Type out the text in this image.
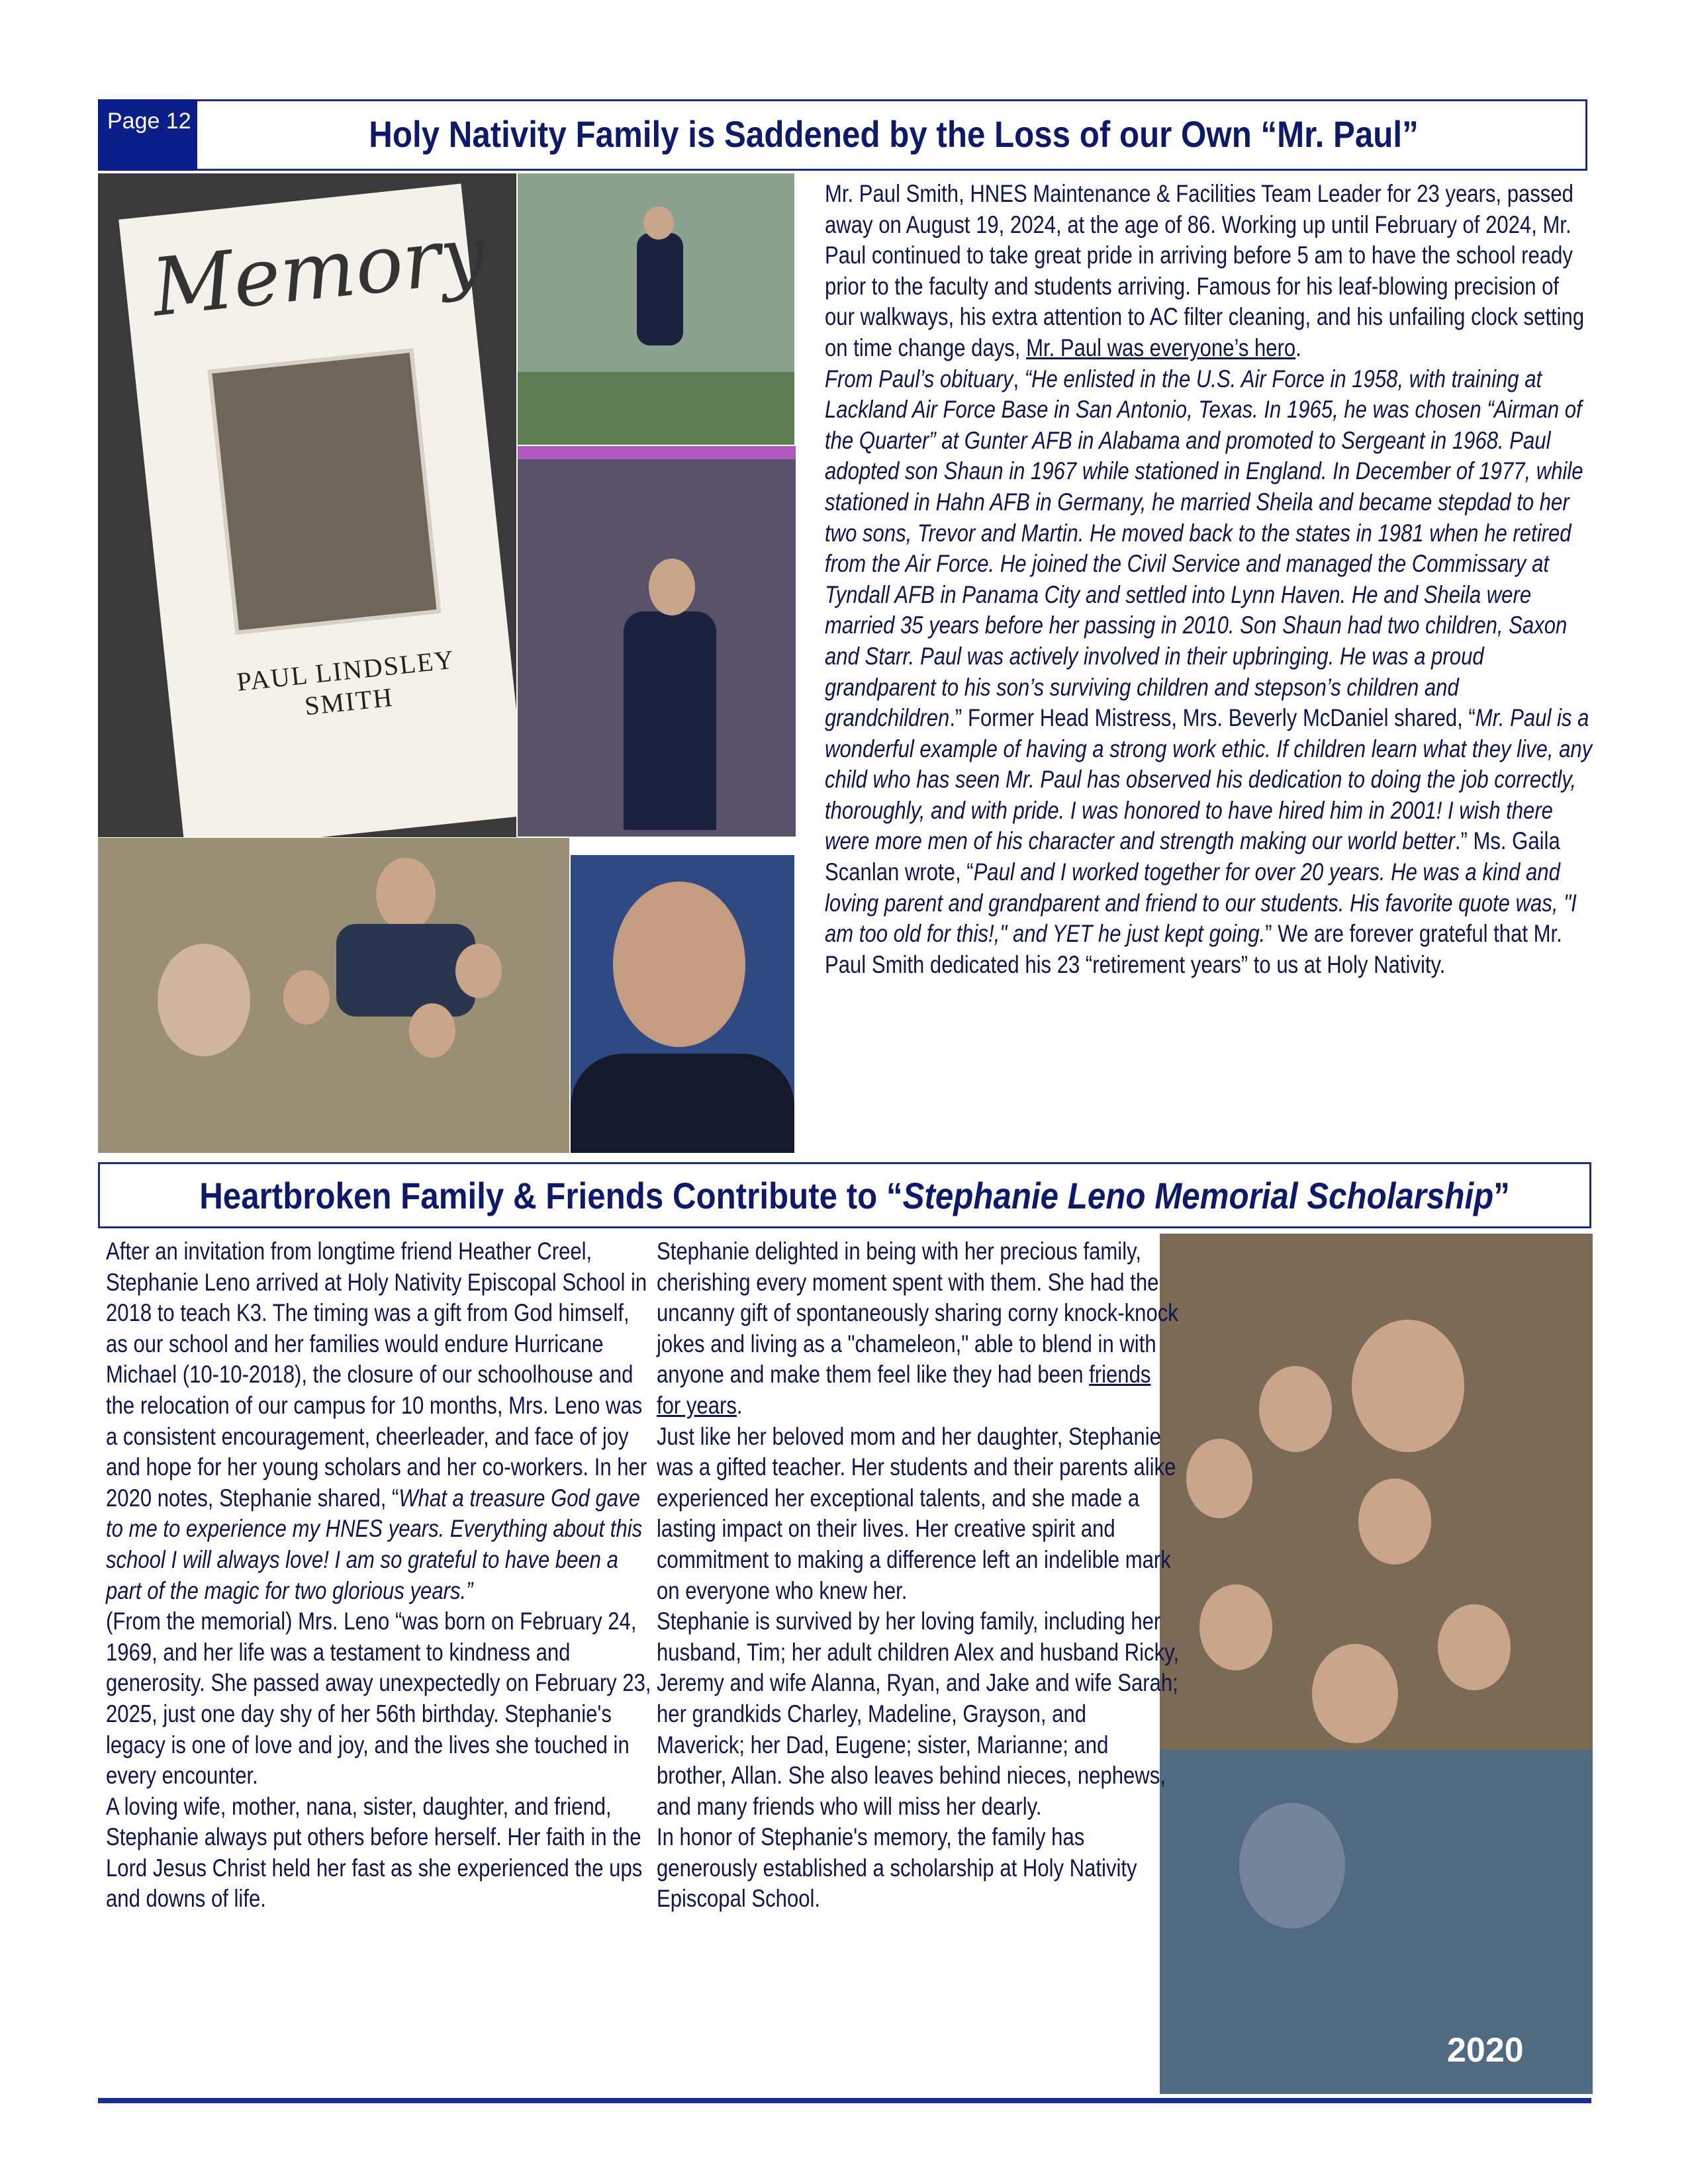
Page 12	Holy Nativity Family is Saddened by the Loss of our Own “Mr. Paul”
Memory
PAUL LINDSLEY SMITH
2020
Mr. Paul Smith, HNES Maintenance & Facilities Team Leader for 23 years, passed away on August 19, 2024, at the age of 86. Working up until February of 2024, Mr. Paul continued to take great pride in arriving before 5 am to have the school ready prior to the faculty and students arriving. Famous for his leaf-blowing precision of our walkways, his extra attention to AC filter cleaning, and his unfailing clock setting on time change days, Mr. Paul was everyone’s hero.
From Paul’s obituary, “He enlisted in the U.S. Air Force in 1958, with training at Lackland Air Force Base in San Antonio, Texas. In 1965, he was chosen “Airman of the Quarter” at Gunter AFB in Alabama and promoted to Sergeant in 1968. Paul adopted son Shaun in 1967 while stationed in England. In December of 1977, while stationed in Hahn AFB in Germany, he married Sheila and became stepdad to her two sons, Trevor and Martin. He moved back to the states in 1981 when he retired from the Air Force. He joined the Civil Service and managed the Commissary at Tyndall AFB in Panama City and settled into Lynn Haven. He and Sheila were married 35 years before her passing in 2010. Son Shaun had two children, Saxon and Starr. Paul was actively involved in their upbringing. He was a proud grandparent to his son’s surviving children and stepson’s children and grandchildren.” Former Head Mistress, Mrs. Beverly McDaniel shared, “Mr. Paul is a wonderful example of having a strong work ethic. If children learn what they live, any child who has seen Mr. Paul has observed his dedication to doing the job correctly, thoroughly, and with pride. I was honored to have hired him in 2001! I wish there were more men of his character and strength making our world better.” Ms. Gaila Scanlan wrote, “Paul and I worked together for over 20 years. He was a kind and loving parent and grandparent and friend to our students. His favorite quote was, "I am too old for this!," and YET he just kept going.” We are forever grateful that Mr. Paul Smith dedicated his 23 “retirement years” to us at Holy Nativity.
Heartbroken Family & Friends Contribute to “Stephanie Leno Memorial Scholarship”
After an invitation from longtime friend Heather Creel, Stephanie Leno arrived at Holy Nativity Episcopal School in 2018 to teach K3. The timing was a gift from God himself, as our school and her families would endure Hurricane Michael (10-10-2018), the closure of our schoolhouse and the relocation of our campus for 10 months, Mrs. Leno was a consistent encouragement, cheerleader, and face of joy and hope for her young scholars and her co-workers. In her 2020 notes, Stephanie shared, “What a treasure God gave to me to experience my HNES years. Everything about this school I will always love! I am so grateful to have been a part of the magic for two glorious years.”
(From the memorial) Mrs. Leno “was born on February 24, 1969, and her life was a testament to kindness and generosity. She passed away unexpectedly on February 23, 2025, just one day shy of her 56th birthday. Stephanie's legacy is one of love and joy, and the lives she touched in every encounter.
A loving wife, mother, nana, sister, daughter, and friend, Stephanie always put others before herself. Her faith in the Lord Jesus Christ held her fast as she experienced the ups and downs of life.
Stephanie delighted in being with her precious family, cherishing every moment spent with them. She had the uncanny gift of spontaneously sharing corny knock-knock jokes and living as a "chameleon," able to blend in with anyone and make them feel like they had been friends for years.
Just like her beloved mom and her daughter, Stephanie was a gifted teacher. Her students and their parents alike experienced her exceptional talents, and she made a lasting impact on their lives. Her creative spirit and commitment to making a difference left an indelible mark on everyone who knew her.
Stephanie is survived by her loving family, including her husband, Tim; her adult children Alex and husband Ricky, Jeremy and wife Alanna, Ryan, and Jake and wife Sarah; her grandkids Charley, Madeline, Grayson, and Maverick; her Dad, Eugene; sister, Marianne; and brother, Allan. She also leaves behind nieces, nephews, and many friends who will miss her dearly.
In honor of Stephanie's memory, the family has generously established a scholarship at Holy Nativity Episcopal School.
